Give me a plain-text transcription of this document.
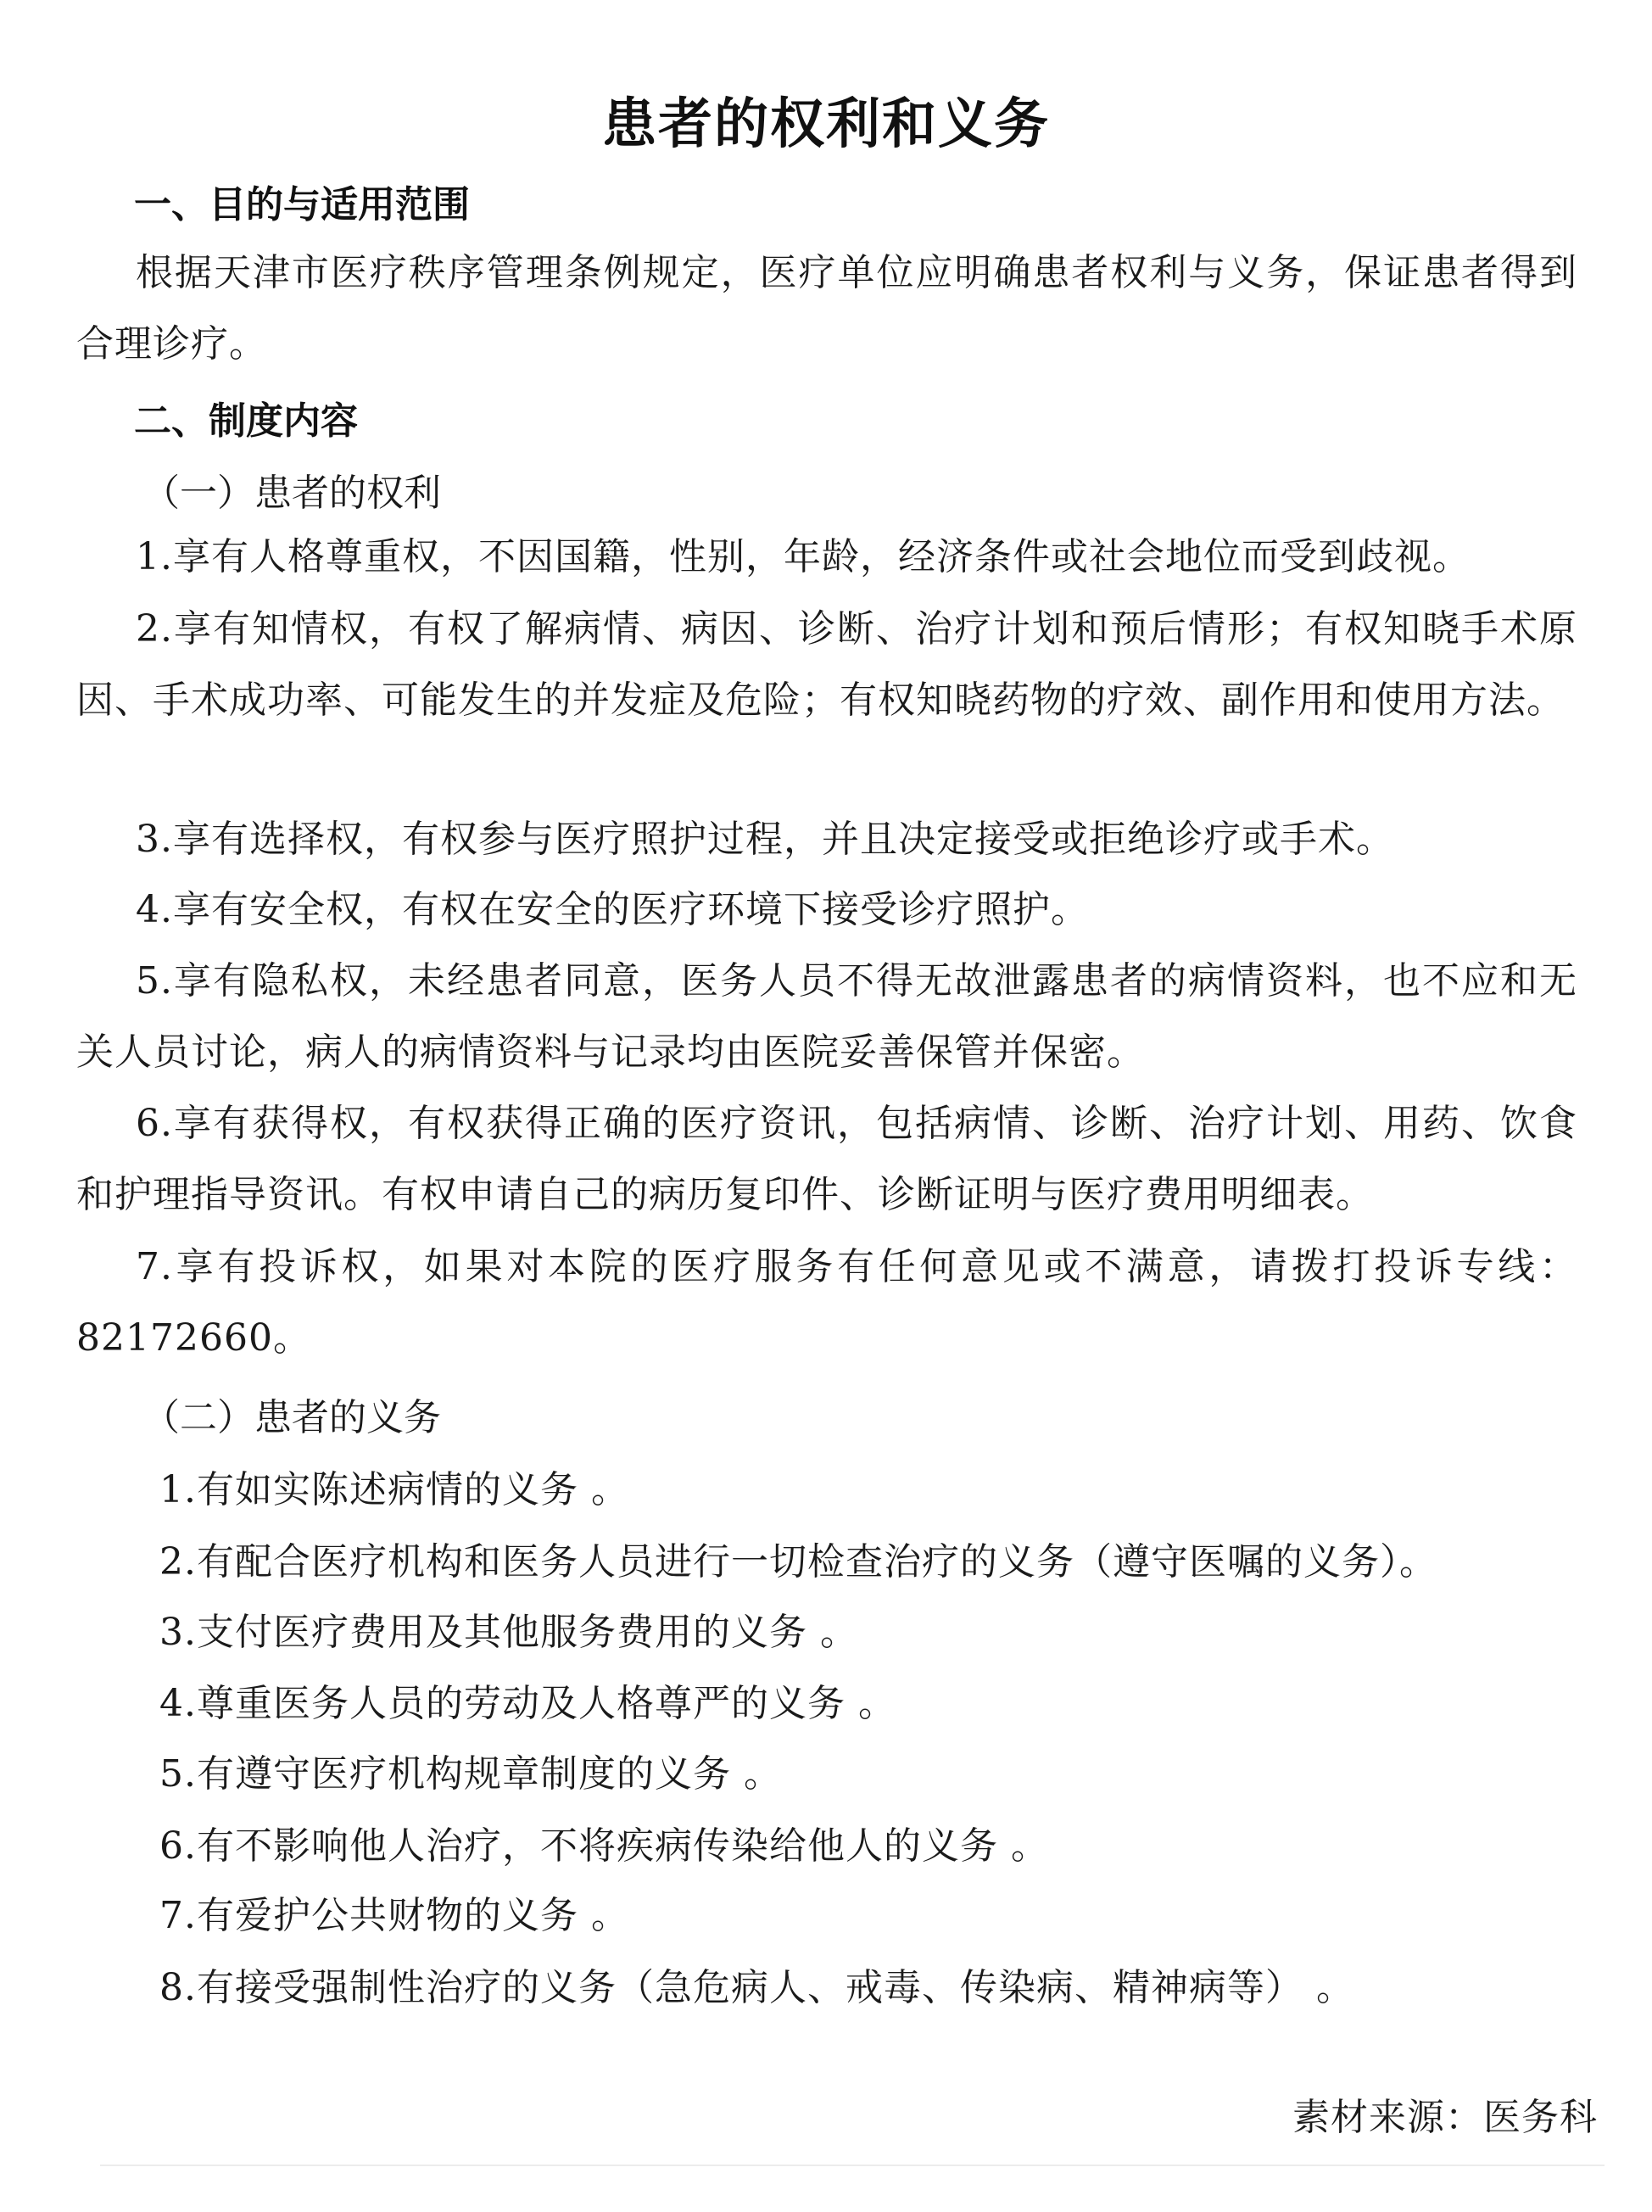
患者的权利和义务
一、目的与适用范围
根据天津市医疗秩序管理条例规定，医疗单位应明确患者权利与义务，保证患者得到合理诊疗。
二、制度内容
（一）患者的权利
1.享有人格尊重权，不因国籍，性别，年龄，经济条件或社会地位而受到歧视。
2.享有知情权，有权了解病情、病因、诊断、治疗计划和预后情形；有权知晓手术原因、手术成功率、可能发生的并发症及危险；有权知晓药物的疗效、副作用和使用方法。
3.享有选择权，有权参与医疗照护过程，并且决定接受或拒绝诊疗或手术。
4.享有安全权，有权在安全的医疗环境下接受诊疗照护。
5.享有隐私权，未经患者同意，医务人员不得无故泄露患者的病情资料，也不应和无关人员讨论，病人的病情资料与记录均由医院妥善保管并保密。
6.享有获得权，有权获得正确的医疗资讯，包括病情、诊断、治疗计划、用药、饮食和护理指导资讯。有权申请自己的病历复印件、诊断证明与医疗费用明细表。
7.享有投诉权，如果对本院的医疗服务有任何意见或不满意，请拨打投诉专线：82172660。
（二）患者的义务
1.有如实陈述病情的义务 。
2.有配合医疗机构和医务人员进行一切检查治疗的义务（遵守医嘱的义务）。
3.支付医疗费用及其他服务费用的义务 。
4.尊重医务人员的劳动及人格尊严的义务 。
5.有遵守医疗机构规章制度的义务 。
6.有不影响他人治疗，不将疾病传染给他人的义务 。
7.有爱护公共财物的义务 。
8.有接受强制性治疗的义务（急危病人、戒毒、传染病、精神病等） 。
素材来源：医务科
